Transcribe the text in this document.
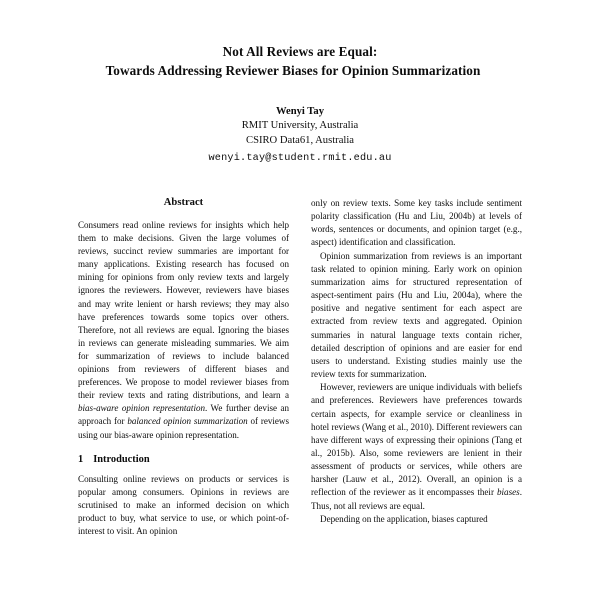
Not All Reviews are Equal:
Towards Addressing Reviewer Biases for Opinion Summarization
Wenyi Tay
RMIT University, Australia
CSIRO Data61, Australia
wenyi.tay@student.rmit.edu.au
Abstract

Consumers read online reviews for insights which help them to make decisions. Given the large volumes of reviews, succinct review summaries are important for many applications. Existing research has focused on mining for opinions from only review texts and largely ignores the reviewers. However, reviewers have biases and may write lenient or harsh reviews; they may also have preferences towards some topics over others. Therefore, not all reviews are equal. Ignoring the biases in reviews can generate misleading summaries. We aim for summarization of reviews to include balanced opinions from reviewers of different biases and preferences. We propose to model reviewer biases from their review texts and rating distributions, and learn a bias-aware opinion representation. We further devise an approach for balanced opinion summarization of reviews using our bias-aware opinion representation.

1 Introduction

Consulting online reviews on products or services is popular among consumers. Opinions in reviews are scrutinised to make an informed decision on which product to buy, what service to use, or which point-of-interest to visit. An opinion

only on review texts. Some key tasks include sentiment polarity classification (Hu and Liu, 2004b) at levels of words, sentences or documents, and opinion target (e.g., aspect) identification and classification.

Opinion summarization from reviews is an important task related to opinion mining. Early work on opinion summarization aims for structured representation of aspect-sentiment pairs (Hu and Liu, 2004a), where the positive and negative sentiment for each aspect are extracted from review texts and aggregated. Opinion summaries in natural language texts contain richer, detailed description of opinions and are easier for end users to understand. Existing studies mainly use the review texts for summarization.

However, reviewers are unique individuals with beliefs and preferences. Reviewers have preferences towards certain aspects, for example service or cleanliness in hotel reviews (Wang et al., 2010). Different reviewers can have different ways of expressing their opinions (Tang et al., 2015b). Also, some reviewers are lenient in their assessment of products or services, while others are harsher (Lauw et al., 2012). Overall, an opinion is a reflection of the reviewer as it encompasses their biases. Thus, not all reviews are equal.

Depending on the application, biases captured
